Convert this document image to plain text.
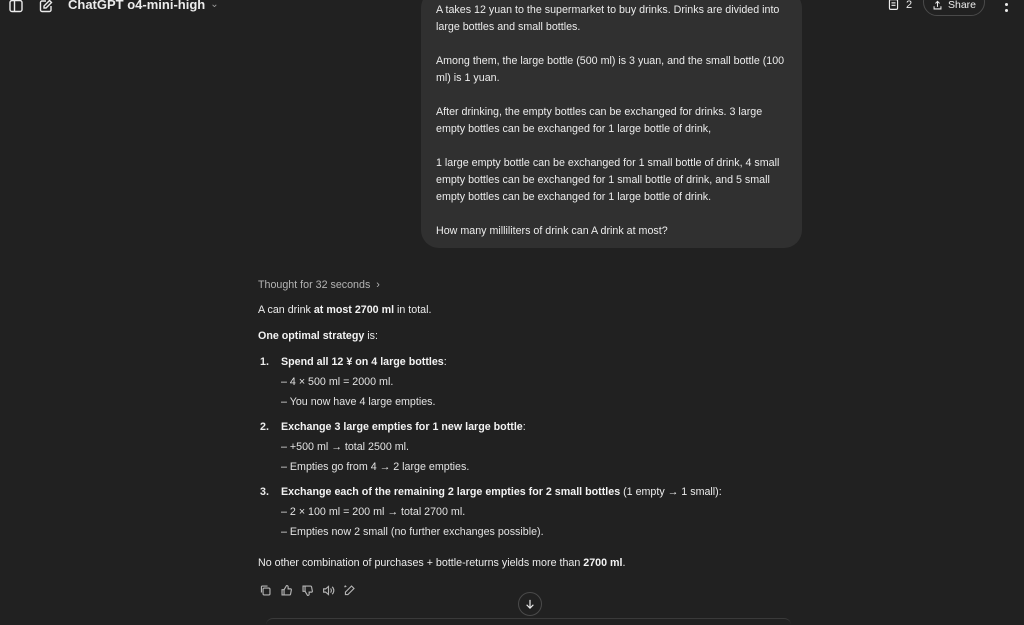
ChatGPT o4-mini-high ⌄	2	Share

A takes 12 yuan to the supermarket to buy drinks. Drinks are divided into large bottles and small bottles.

Among them, the large bottle (500 ml) is 3 yuan, and the small bottle (100 ml) is 1 yuan.

After drinking, the empty bottles can be exchanged for drinks. 3 large empty bottles can be exchanged for 1 large bottle of drink,

1 large empty bottle can be exchanged for 1 small bottle of drink, 4 small empty bottles can be exchanged for 1 small bottle of drink, and 5 small empty bottles can be exchanged for 1 large bottle of drink.

How many milliliters of drink can A drink at most?

Thought for 32 seconds ›
A can drink at most 2700 ml in total.
One optimal strategy is:
1. Spend all 12 ¥ on 4 large bottles:
– 4 × 500 ml = 2000 ml.
– You now have 4 large empties.
2. Exchange 3 large empties for 1 new large bottle:
– +500 ml → total 2500 ml.
– Empties go from 4 → 2 large empties.
3. Exchange each of the remaining 2 large empties for 2 small bottles (1 empty → 1 small):
– 2 × 100 ml = 200 ml → total 2700 ml.
– Empties now 2 small (no further exchanges possible).
No other combination of purchases + bottle-returns yields more than 2700 ml.
